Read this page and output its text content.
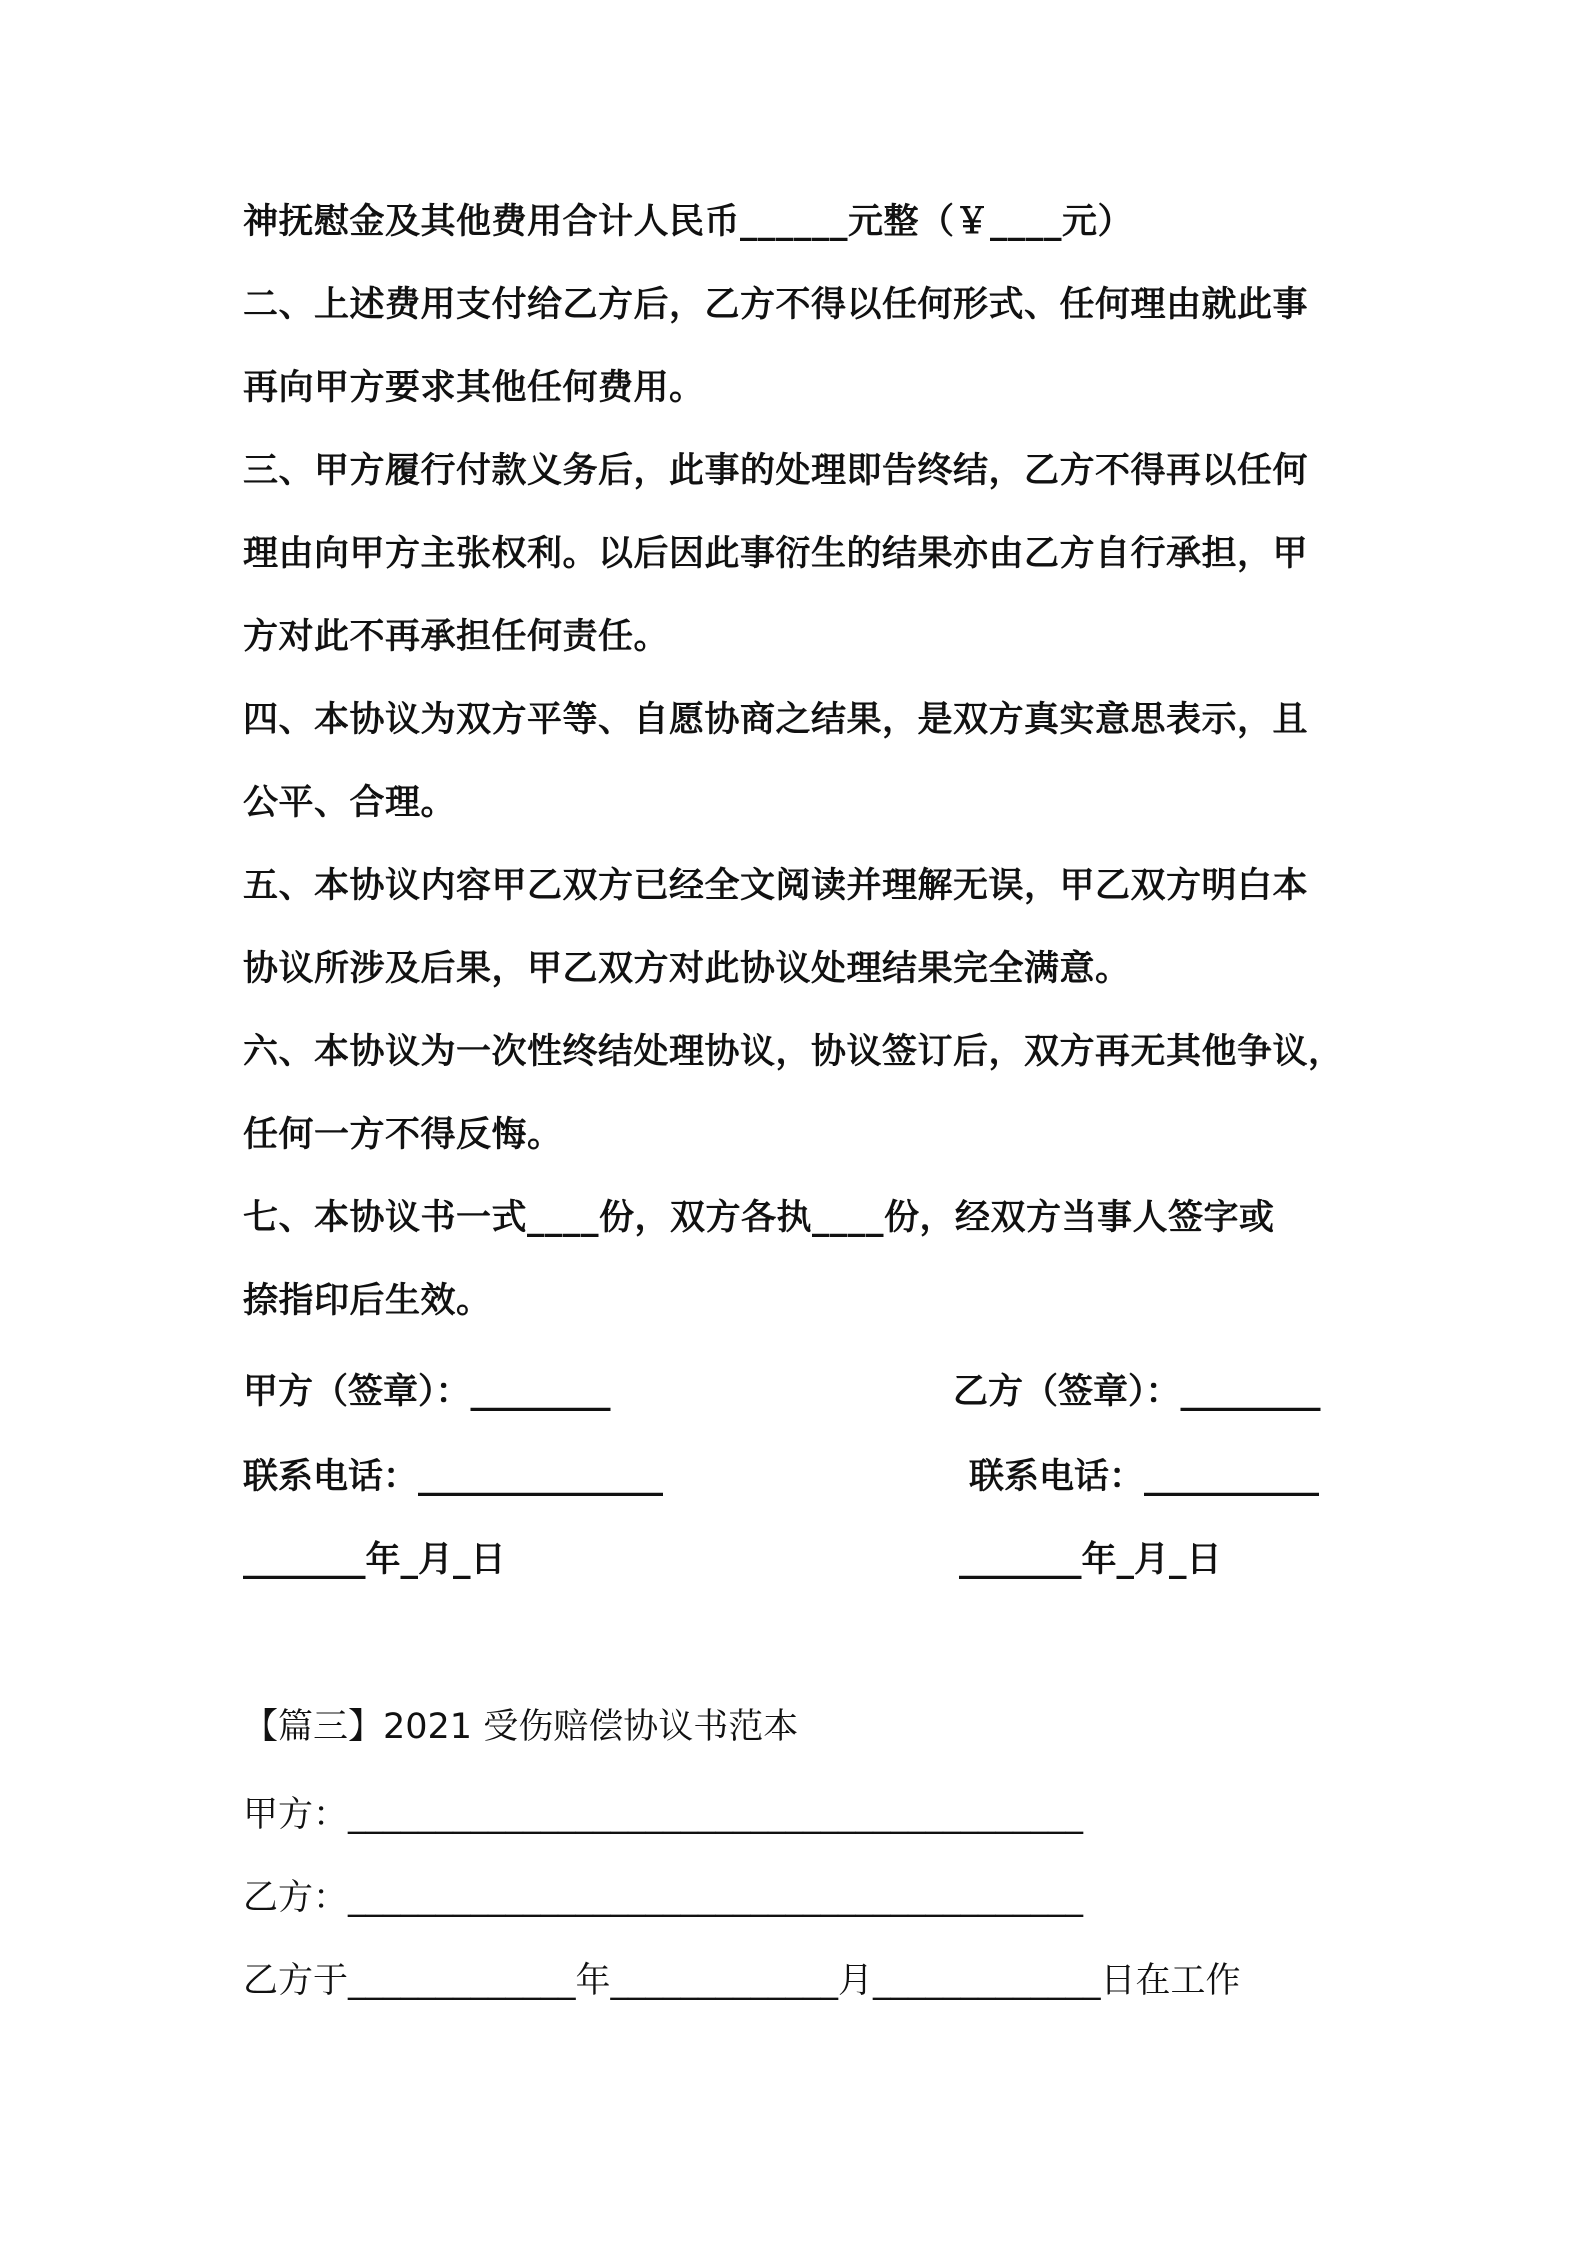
神抚慰金及其他费用合计人民币______元整（￥____元）
二、上述费用支付给乙方后，乙方不得以任何形式、任何理由就此事
再向甲方要求其他任何费用。
三、甲方履行付款义务后，此事的处理即告终结，乙方不得再以任何
理由向甲方主张权利。以后因此事衍生的结果亦由乙方自行承担，甲
方对此不再承担任何责任。
四、本协议为双方平等、自愿协商之结果，是双方真实意思表示，且
公平、合理。
五、本协议内容甲乙双方已经全文阅读并理解无误，甲乙双方明白本
协议所涉及后果，甲乙双方对此协议处理结果完全满意。
六、本协议为一次性终结处理协议，协议签订后，双方再无其他争议，
任何一方不得反悔。
七、本协议书一式____份，双方各执____份，经双方当事人签字或
捺指印后生效。
甲方（签章）：________	乙方（签章）：________
联系电话：______________	联系电话：__________
_______年_月_日	_______年_月_日
【篇三】2021 受伤赔偿协议书范本
甲方：__________________________________________
乙方：__________________________________________
乙方于_____________年_____________月_____________日在工作
